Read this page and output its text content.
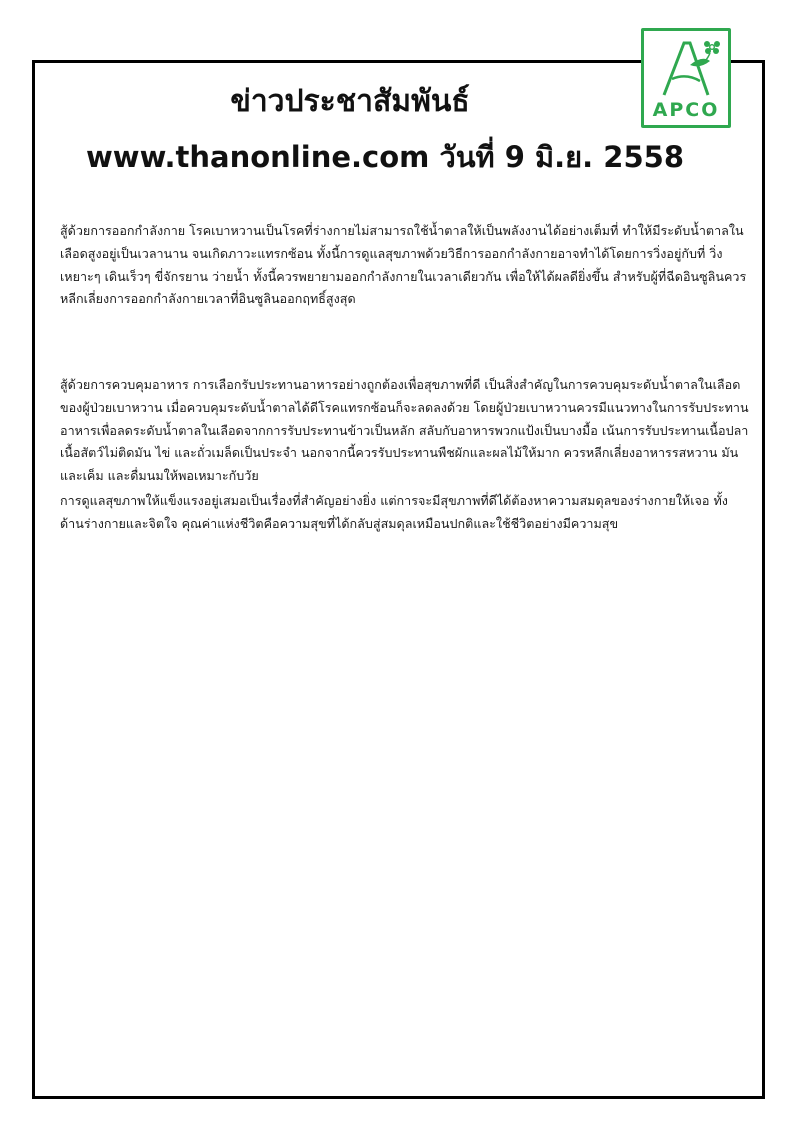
APCO
ข่าวประชาสัมพันธ์
www.thanonline.com วันที่ 9 มิ.ย. 2558

สู้ด้วยการออกกำลังกาย โรคเบาหวานเป็นโรคที่ร่างกายไม่สามารถใช้น้ำตาลให้เป็นพลังงานได้อย่างเต็มที่ ทำให้มีระดับน้ำตาลในเลือดสูงอยู่เป็นเวลานาน จนเกิดภาวะแทรกซ้อน ทั้งนี้การดูแลสุขภาพด้วยวิธีการออกกำลังกายอาจทำได้โดยการวิ่งอยู่กับที่ วิ่งเหยาะๆ เดินเร็วๆ ขี่จักรยาน ว่ายน้ำ ทั้งนี้ควรพยายามออกกำลังกายในเวลาเดียวกัน เพื่อให้ได้ผลดียิ่งขึ้น สำหรับผู้ที่ฉีดอินซูลินควรหลีกเลี่ยงการออกกำลังกายเวลาที่อินซูลินออกฤทธิ์สูงสุด

สู้ด้วยการควบคุมอาหาร การเลือกรับประทานอาหารอย่างถูกต้องเพื่อสุขภาพที่ดี เป็นสิ่งสำคัญในการควบคุมระดับน้ำตาลในเลือดของผู้ป่วยเบาหวาน เมื่อควบคุมระดับน้ำตาลได้ดีโรคแทรกซ้อนก็จะลดลงด้วย โดยผู้ป่วยเบาหวานควรมีแนวทางในการรับประทานอาหารเพื่อลดระดับน้ำตาลในเลือดจากการรับประทานข้าวเป็นหลัก สลับกับอาหารพวกแป้งเป็นบางมื้อ เน้นการรับประทานเนื้อปลา เนื้อสัตว์ไม่ติดมัน ไข่ และถั่วเมล็ดเป็นประจำ นอกจากนี้ควรรับประทานพืชผักและผลไม้ให้มาก ควรหลีกเลี่ยงอาหารรสหวาน มัน และเค็ม และดื่มนมให้พอเหมาะกับวัย

การดูแลสุขภาพให้แข็งแรงอยู่เสมอเป็นเรื่องที่สำคัญอย่างยิ่ง แต่การจะมีสุขภาพที่ดีได้ต้องหาความสมดุลของร่างกายให้เจอ ทั้งด้านร่างกายและจิตใจ คุณค่าแห่งชีวิตคือความสุขที่ได้กลับสู่สมดุลเหมือนปกติและใช้ชีวิตอย่างมีความสุข
